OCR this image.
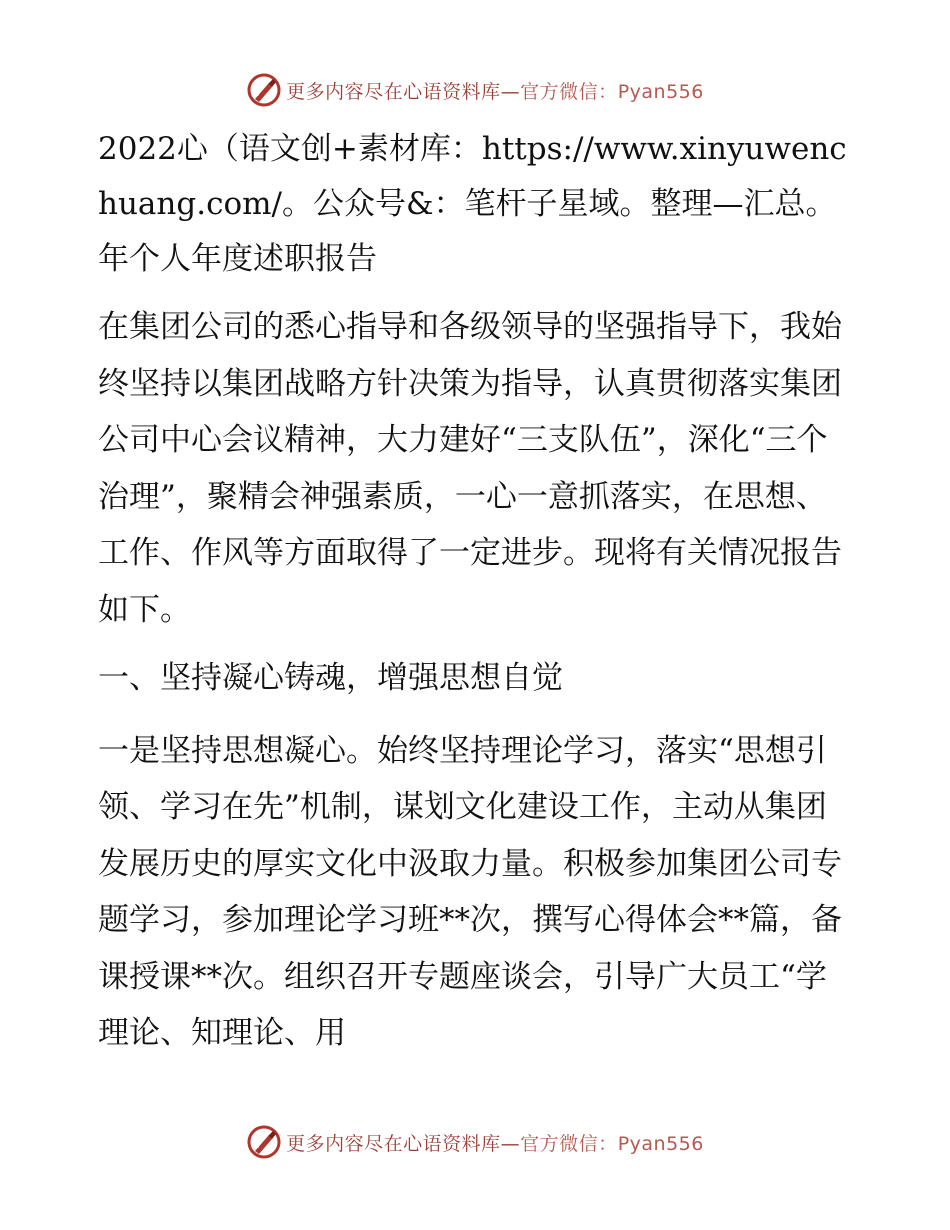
更多内容尽在心语资料库—官方微信：Pyan556

2022心（语文创+素材库：https://www.xinyuwenchuang.com/。公众号&：笔杆子星域。整理—汇总。年个人年度述职报告

在集团公司的悉心指导和各级领导的坚强指导下，我始终坚持以集团战略方针决策为指导，认真贯彻落实集团公司中心会议精神，大力建好“三支队伍”，深化“三个治理”，聚精会神强素质，一心一意抓落实，在思想、工作、作风等方面取得了一定进步。现将有关情况报告如下。

一、坚持凝心铸魂，增强思想自觉

一是坚持思想凝心。始终坚持理论学习，落实“思想引领、学习在先”机制，谋划文化建设工作，主动从集团发展历史的厚实文化中汲取力量。积极参加集团公司专题学习，参加理论学习班**次，撰写心得体会**篇，备课授课**次。组织召开专题座谈会，引导广大员工“学理论、知理论、用

更多内容尽在心语资料库—官方微信：Pyan556
